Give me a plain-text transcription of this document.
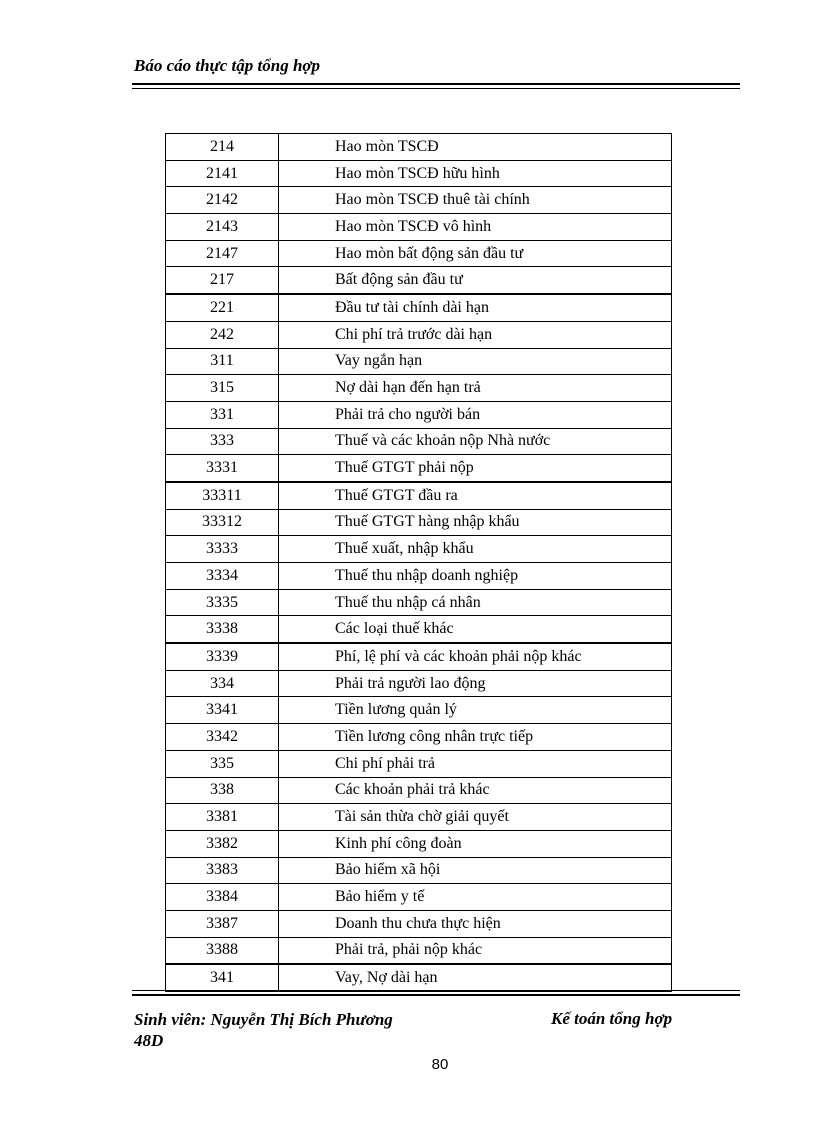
Báo cáo thực tập tổng hợp
214	Hao mòn TSCĐ
2141	Hao mòn TSCĐ hữu hình
2142	Hao mòn TSCĐ thuê tài chính
2143	Hao mòn TSCĐ vô hình
2147	Hao mòn bất động sản đầu tư
217	Bất động sản đầu tư
221	Đầu tư tài chính dài hạn
242	Chi phí trả trước dài hạn
311	Vay ngắn hạn
315	Nợ dài hạn đến hạn trả
331	Phải trả cho người bán
333	Thuế và các khoản nộp Nhà nước
3331	Thuế GTGT phải nộp
33311	Thuế GTGT đầu ra
33312	Thuế GTGT hàng nhập khẩu
3333	Thuế xuất, nhập khẩu
3334	Thuế thu nhập doanh nghiệp
3335	Thuế thu nhập cá nhân
3338	Các loại thuế khác
3339	Phí, lệ phí và các khoản phải nộp khác
334	Phải trả người lao động
3341	Tiền lương quản lý
3342	Tiền lương công nhân trực tiếp
335	Chi phí phải trả
338	Các khoản phải trả khác
3381	Tài sản thừa chờ giải quyết
3382	Kinh phí công đoàn
3383	Bảo hiểm xã hội
3384	Bảo hiểm y tế
3387	Doanh thu chưa thực hiện
3388	Phải trả, phải nộp khác
341	Vay, Nợ dài hạn
Sinh viên: Nguyễn Thị Bích Phương
48D
Kế toán tổng hợp
80
